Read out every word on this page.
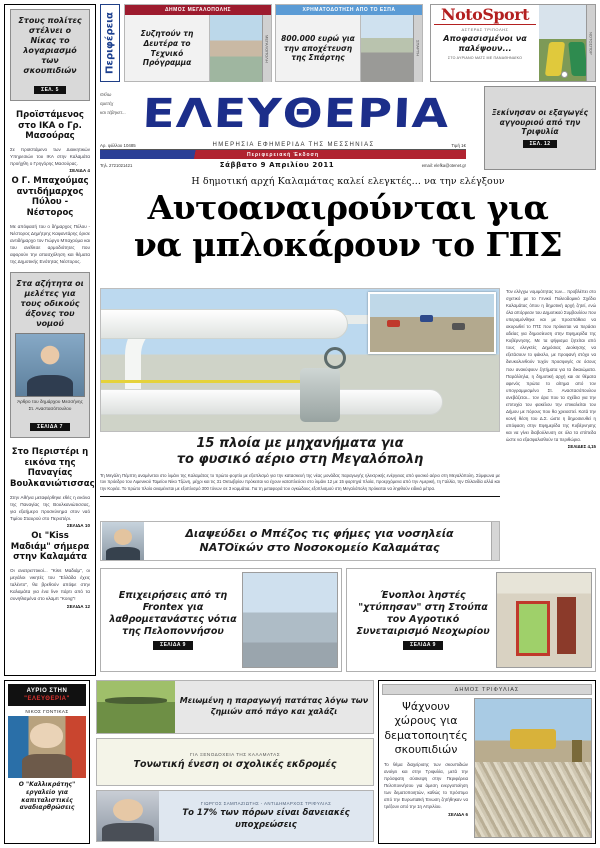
Στους πολίτες στέλνει ο Νίκας το λογαριασμό των σκουπιδιών
ΣΕΛ. 5
Προϊστάμενος στο ΙΚΑ ο Γρ. Μασούρας
Σε προϊστάμενο των Διοικητικών Υπηρεσιών του ΙΚΑ στην Καλαμάτα προήχθη ο Γρηγόρης Μασούρας.
ΣΕΛΙΔΑ 4
Ο Γ. Μπαχούμας αντιδήμαρχος Πύλου - Νέστορος
Με απόφασή του ο δήμαρχος Πύλου - Νέστορος Δημήτρης Καφαντάρης όρισε αντιδήμαρχο τον Γιώργο Μπαχούμα και του ανέθεσε αρμοδιότητες που αφορούν την απασχόληση και θέματα της Δημοτικής Ενότητας Νέστορος.
Στα αζήτητα οι μελέτες για τους οδικούς άξονες του νομού
Άρθρο του δημάρχου Μεσσήνης Στ. Αναστασόπουλου
ΣΕΛΙΔΑ 7
Στο Περιστέρι η εικόνα της Παναγίας Βουλκανιώτισσας
Στην Αθήνα μεταφέρθηκε εθές η εικόνα της Παναγίας της Βουλκανιώτισσας, για εξαήμερο προσκύνημα στον ναό Τιμίου Σταυρού στο Περιστέρι.
ΣΕΛΙΔΑ 10
Οι "Kiss Μαδιάμ" σήμερα στην Καλαμάτα
Οι ανατρεπτικοί... "Kiss Μαδιάμ", οι μεγάλοι νικητές του "Ελλάδα έχεις ταλέντο", θα βρεθούν απόψε στην Καλαμάτα για ένα live πάρτι από τα συνηθισμένα στο κλαμπ "Kong"!
ΣΕΛΙΔΑ 12
Περιφέρεια
ΔΗΜΟΣ ΜΕΓΑΛΟΠΟΛΗΣ
Συζητούν τη Δευτέρα το Τεχνικό Πρόγραμμα
ΜΕΓΑΛΟΠΟΛΗ
ΧΡΗΜΑΤΟΔΟΤΗΣΗ ΑΠΟ ΤΟ ΕΣΠΑ
800.000 ευρώ για την αποχέτευση της Σπάρτης
ΣΠΑΡΤΗ
NotoSport
ΑΣΤΕΡΑΣ ΤΡΙΠΟΛΗΣ
Αποφασισμένοι να παλέψουν...
ΣΤΟ ΑΥΡΙΑΝΟ ΜΑΤΣ ΜΕ ΠΑΝΑΘΗΝΑΪΚΟ
ΝΟΤΟΣΠΟΡ
Θέλω
αμετέχ
και τέβηκετ... ΕΛΕΥΘΕΡΙΑ
Αρ. φύλλου 10485	ΗΜΕΡΗΣΙΑ ΕΦΗΜΕΡΙΔΑ ΤΗΣ ΜΕΣΣΗΝΙΑΣ	Τιμή 1€
Περιφερειακή Έκδοση
Τηλ. 2721021421	Σάββατο 9 Απριλίου 2011	email: elefka@otenet.gr
Ξεκίνησαν οι εξαγωγές αγγουριού από την Τριφυλία
ΣΕΛ. 12
Η δημοτική αρχή Καλαμάτας καλεί ελεγκτές... να την ελέγξουν
Αυτοαναιρούνται για
να μπλοκάρουν το ΓΠΣ
Τον ελέγχω νομιμότητας των... προβλέπει στο σχετικό με το Γενικό Πολεοδομικό Σχέδιο Καλαμάτας όπου η δημοτική αρχή ζητεί, ενώ όλα απόρρεαν του Δημοτικού Συμβουλίου που υπεραμύνθηκε και με προσπάθεια να ακυρωθεί το ΓΠΣ που πρόκειται να περάσει αδείας για δημοσίευση στην Εφημερίδα της Κυβέρνησης. Με τα ψήφισμα ζητείται από τους ελεγκτές Δημόσιας Διοίκησης να εξετάσουν το φάκελο, με προφανή στόχο να διευκολυνθούν τυχόν προσφυγές σε όσους που ανακύψουν ζητήματα για τα δικαιώματα. Παράλληλα, η δημοτική αρχή και σε θέματα αφενός πρώτα το αίτημα από τον υπογραμμισμένο Στ. Αναστασόπουλου ανεβάζεται... τον άρα που τα σχέδια για την επιτυχία του φακέλου την επικαλείται του Δήμου με πόρους που θα χρειαστεί. Κατά την κοινή θέση του Δ.Σ. ώστε η δημοσιευθεί η απόφαση στην Εφημερίδα της Κυβέρνησης και να γίνει διαβούλευση σε όλα τα επίπεδα ώστε να εξασφαλισθούν τα περιθώρια.
ΣΕΛΙΔΕΣ 4,15
15 πλοία με μηχανήματα για
το φυσικό αέριο στη Μεγαλόπολη
Τη Μεγάλη Πέμπτη αναμένεται στο λιμάνι της Καλαμάτας το πρώτο φορτίο με εξοπλισμό για την κατασκευή της νέας μονάδας παραγωγής ηλεκτρικής ενέργειας από φυσικό αέριο στη Μεγαλόπολη. Σύμφωνα με τον πρόεδρο του Λιμενικού Ταμείου Νίκο Τζώνη, μέχρι και τις 31 Οκτωβρίου πρόκειται να έχουν καταπλεύσει στο λιμάνι 12 με 15 φορτηγά πλοία, προερχόμενα από την Αμερική, τη Γαλλία, την Ολλανδία αλλά και την Κορέα. Το πρώτο πλοίο αναμένεται με εξοπλισμό 300 τόνων σε 3 κομμάτια. Για τη μεταφορά του ογκώδους εξοπλισμού στη Μεγαλόπολη πρόκειται να ληφθούν ειδικά μέτρα.
Διαψεύδει ο Μπέζος τις φήμες για νοσηλεία
ΝΑΤΟϊκών στο Νοσοκομείο Καλαμάτας
Επιχειρήσεις από τη Frontex για λαθρομετανάστες νότια της Πελοποννήσου
ΣΕΛΙΔΑ 9
Ένοπλοι ληστές "χτύπησαν" στη Στούπα τον Αγροτικό Συνεταιρισμό Νεοχωρίου
ΣΕΛΙΔΑ 9
ΑΥΡΙΟ ΣΤΗΝ
"ΕΛΕΥΘΕΡΙΑ"
ΝΙΚΟΣ ΓΟΝΤΙΚΑΣ
Ο "Καλλικράτης" εργαλείο για καπιταλιστικές αναδιαρθρώσεις
Μειωμένη η παραγωγή πατάτας λόγω των ζημιών από πάγο και χαλάζι
ΓΙΑ ΞΕΝΟΔΟΧΕΙΑ ΤΗΣ ΚΑΛΑΜΑΤΑΣ
Τονωτική ένεση οι σχολικές εκδρομές
ΓΙΩΡΓΟΣ ΣΑΜΠΑΖΙΩΤΗΣ - ΑΝΤΙΔΗΜΑΡΧΟΣ ΤΡΙΦΥΛΙΑΣ
Το 17% των πόρων είναι δανειακές υποχρεώσεις
ΔΗΜΟΣ ΤΡΙΦΥΛΙΑΣ
Ψάχνουν χώρους για δεματοποιητές σκουπιδιών
Το θέμα διαχείρισης των σκουπιδιών ανοίγει και στην Τριφυλία, μετά την πρόσφατη σύσκεψη στην Περιφέρεια Πελοποννήσου για άμεση ενεργοποίηση των δεματοποιητών, καθώς το πρόστιμο από την Ευρωπαϊκή Ένωση ζητήθηκαν να τρέξουν από την 1η Απριλίου.
ΣΕΛΙΔΑ 6
